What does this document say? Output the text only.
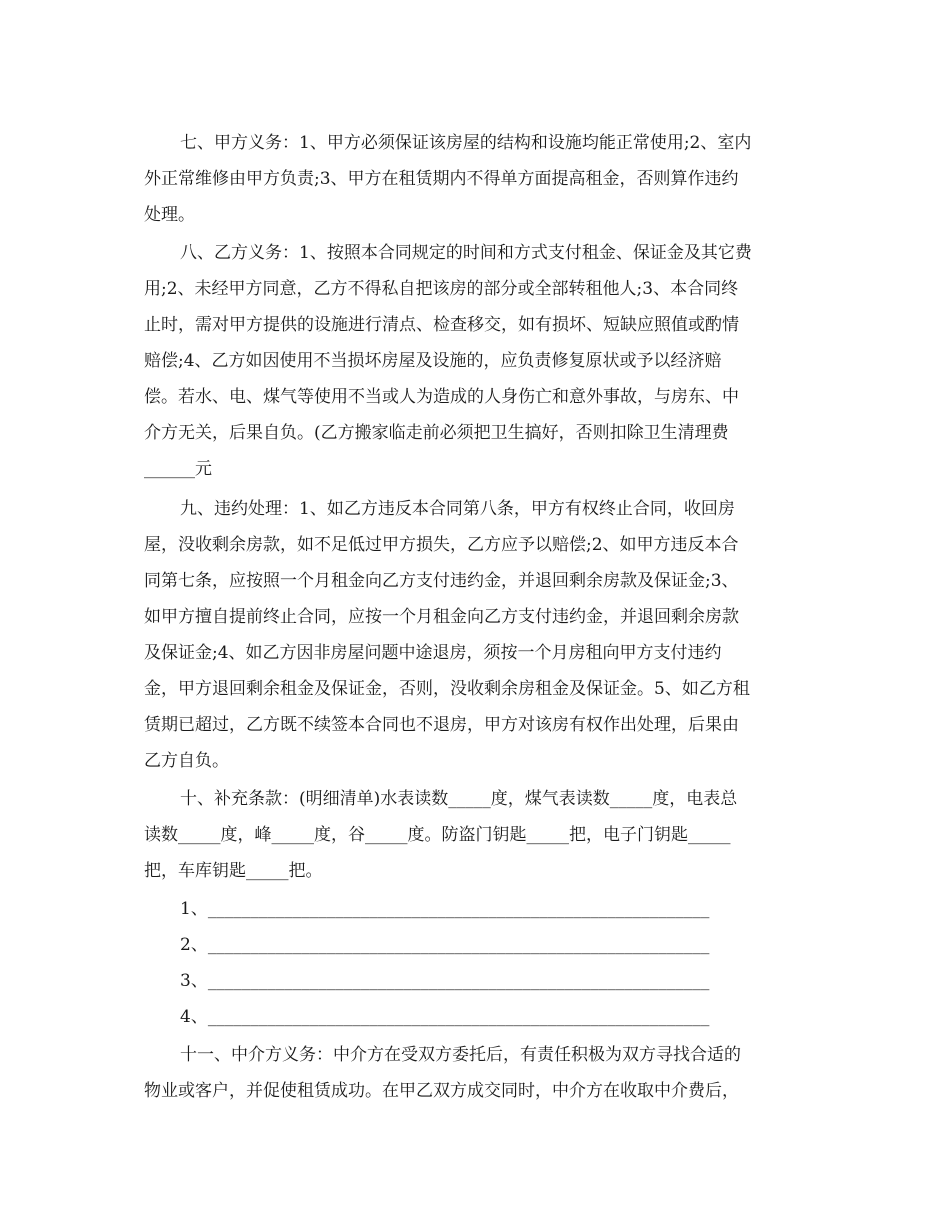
七、甲方义务：1、甲方必须保证该房屋的结构和设施均能正常使用;2、室内
外正常维修由甲方负责;3、甲方在租赁期内不得单方面提高租金，否则算作违约
处理。
八、乙方义务：1、按照本合同规定的时间和方式支付租金、保证金及其它费
用;2、未经甲方同意，乙方不得私自把该房的部分或全部转租他人;3、本合同终
止时，需对甲方提供的设施进行清点、检查移交，如有损坏、短缺应照值或酌情
赔偿;4、乙方如因使用不当损坏房屋及设施的，应负责修复原状或予以经济赔
偿。若水、电、煤气等使用不当或人为造成的人身伤亡和意外事故，与房东、中
介方无关，后果自负。(乙方搬家临走前必须把卫生搞好，否则扣除卫生清理费
______元
九、违约处理：1、如乙方违反本合同第八条，甲方有权终止合同，收回房
屋，没收剩余房款，如不足低过甲方损失，乙方应予以赔偿;2、如甲方违反本合
同第七条，应按照一个月租金向乙方支付违约金，并退回剩余房款及保证金;3、
如甲方擅自提前终止合同，应按一个月租金向乙方支付违约金，并退回剩余房款
及保证金;4、如乙方因非房屋问题中途退房，须按一个月房租向甲方支付违约
金，甲方退回剩余租金及保证金，否则，没收剩余房租金及保证金。5、如乙方租
赁期已超过，乙方既不续签本合同也不退房，甲方对该房有权作出处理，后果由
乙方自负。
十、补充条款：(明细清单)水表读数_____度，煤气表读数_____度，电表总
读数_____度，峰_____度，谷_____度。防盗门钥匙_____把，电子门钥匙_____
把，车库钥匙_____把。
1、___________________________________________________________
2、___________________________________________________________
3、___________________________________________________________
4、___________________________________________________________
十一、中介方义务：中介方在受双方委托后，有责任积极为双方寻找合适的
物业或客户，并促使租赁成功。在甲乙双方成交同时，中介方在收取中介费后，
